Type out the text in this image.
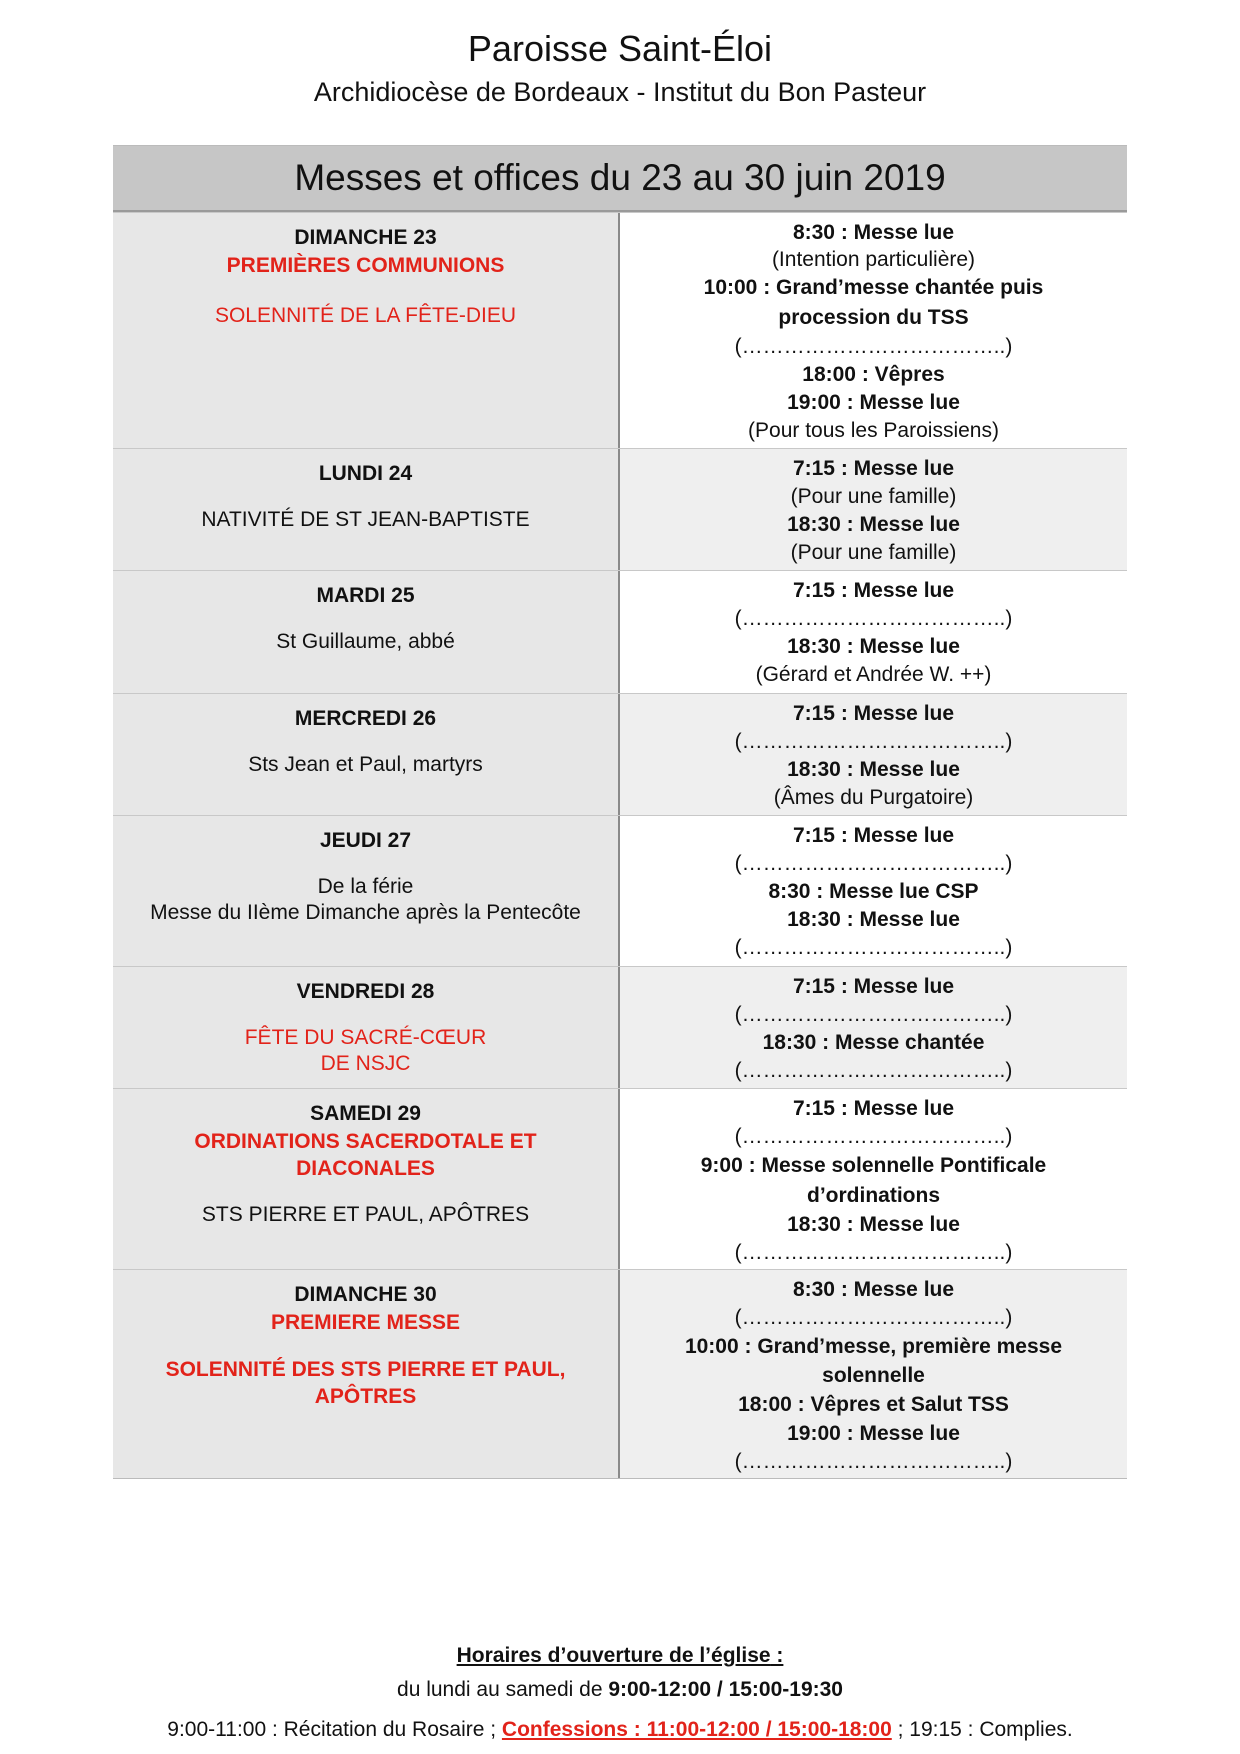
Paroisse Saint-Éloi
Archidiocèse de Bordeaux - Institut du Bon Pasteur
Messes et offices du 23 au 30 juin 2019
DIMANCHE 23
PREMIÈRES COMMUNIONS
SOLENNITÉ DE LA FÊTE-DIEU
8:30 : Messe lue
(Intention particulière)
10:00 : Grand’messe chantée puis
procession du TSS
(………………………………..)
18:00 : Vêpres
19:00 : Messe lue
(Pour tous les Paroissiens)
LUNDI 24
NATIVITÉ DE ST JEAN-BAPTISTE
7:15 : Messe lue
(Pour une famille)
18:30 : Messe lue
(Pour une famille)
MARDI 25
St Guillaume, abbé
7:15 : Messe lue
(………………………………..)
18:30 : Messe lue
(Gérard et Andrée W. ++)
MERCREDI 26
Sts Jean et Paul, martyrs
7:15 : Messe lue
(………………………………..)
18:30 : Messe lue
(Âmes du Purgatoire)
JEUDI 27
De la férie
Messe du IIème Dimanche après la Pentecôte
7:15 : Messe lue
(………………………………..)
8:30 : Messe lue CSP
18:30 : Messe lue
(………………………………..)
VENDREDI 28
FÊTE DU SACRÉ-CŒUR
DE NSJC
7:15 : Messe lue
(………………………………..)
18:30 : Messe chantée
(………………………………..)
SAMEDI 29
ORDINATIONS SACERDOTALE ET
DIACONALES
STS PIERRE ET PAUL, APÔTRES
7:15 : Messe lue
(………………………………..)
9:00 : Messe solennelle Pontificale
d’ordinations
18:30 : Messe lue
(………………………………..)
DIMANCHE 30
PREMIERE MESSE
SOLENNITÉ DES STS PIERRE ET PAUL,
APÔTRES
8:30 : Messe lue
(………………………………..)
10:00 : Grand’messe, première messe
solennelle
18:00 : Vêpres et Salut TSS
19:00 : Messe lue
(………………………………..)
Horaires d’ouverture de l’église :
du lundi au samedi de 9:00-12:00 / 15:00-19:30
9:00-11:00 : Récitation du Rosaire ; Confessions : 11:00-12:00 / 15:00-18:00 ; 19:15 : Complies.
